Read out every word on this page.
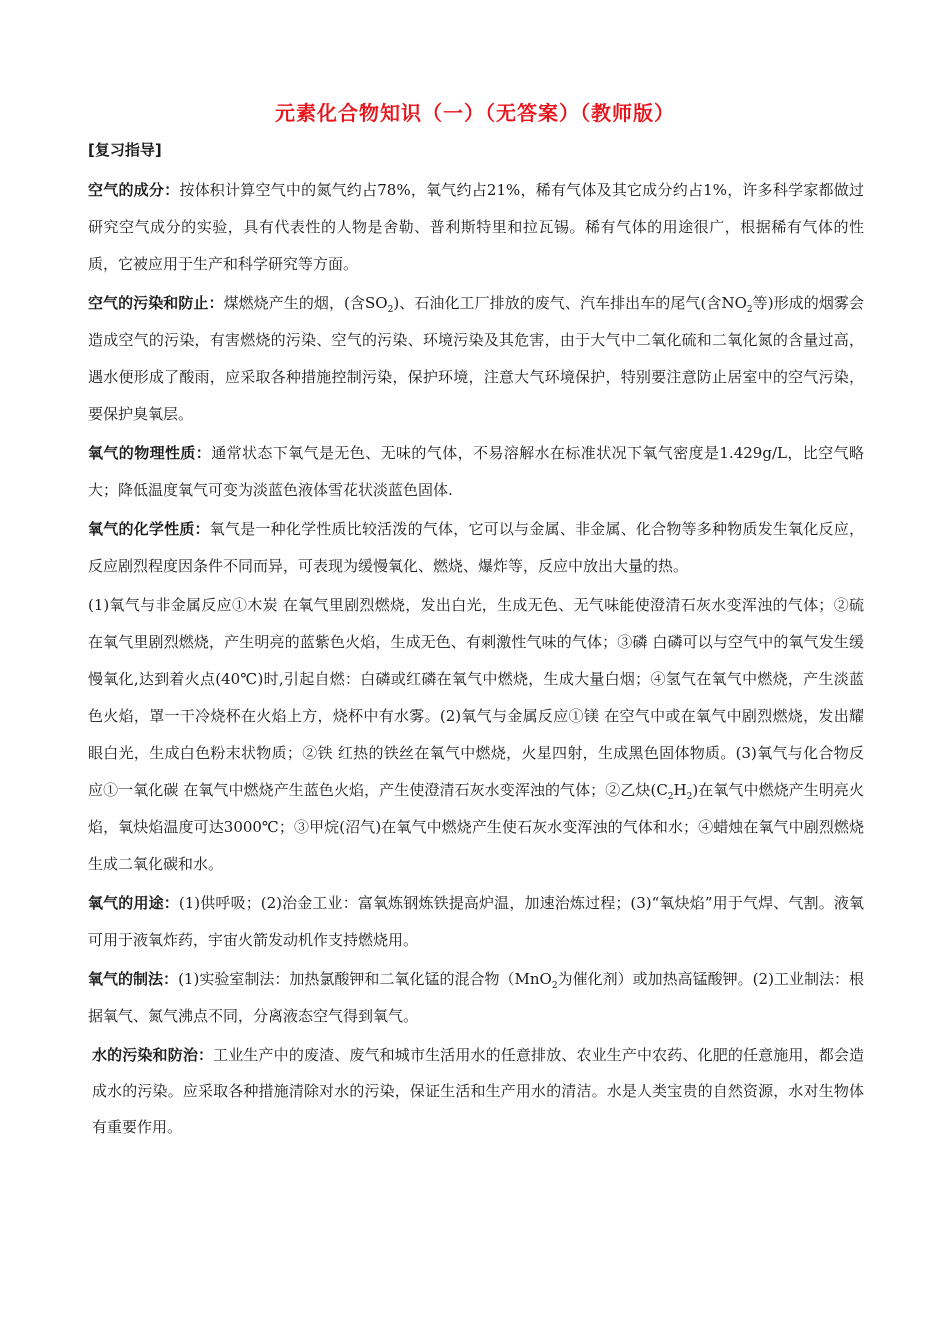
元素化合物知识（一）（无答案）（教师版）
[复习指导]

空气的成分：按体积计算空气中的氮气约占78%，氧气约占21%，稀有气体及其它成分约占1%，许多科学家都做过研究空气成分的实验，具有代表性的人物是舍勒、普利斯特里和拉瓦锡。稀有气体的用途很广，根据稀有气体的性质，它被应用于生产和科学研究等方面。

空气的污染和防止：煤燃烧产生的烟，(含$SO_2$)、石油化工厂排放的废气、汽车排出车的尾气(含$NO_2$等)形成的烟雾会造成空气的污染，有害燃烧的污染、空气的污染、环境污染及其危害，由于大气中二氧化硫和二氧化氮的含量过高，遇水便形成了酸雨，应采取各种措施控制污染，保护环境，注意大气环境保护，特别要注意防止居室中的空气污染，要保护臭氧层。

氧气的物理性质：通常状态下氧气是无色、无味的气体，不易溶解水在标准状况下氧气密度是1.429g/L，比空气略大；降低温度氧气可变为淡蓝色液体雪花状淡蓝色固体.

氧气的化学性质：氧气是一种化学性质比较活泼的气体，它可以与金属、非金属、化合物等多种物质发生氧化反应，反应剧烈程度因条件不同而异，可表现为缓慢氧化、燃烧、爆炸等，反应中放出大量的热。

(1)氧气与非金属反应①木炭 在氧气里剧烈燃烧，发出白光，生成无色、无气味能使澄清石灰水变浑浊的气体；②硫 在氧气里剧烈燃烧，产生明亮的蓝紫色火焰，生成无色、有刺激性气味的气体；③磷 白磷可以与空气中的氧气发生缓慢氧化,达到着火点(40℃)时,引起自燃：白磷或红磷在氧气中燃烧，生成大量白烟；④氢气在氧气中燃烧，产生淡蓝色火焰，罩一干冷烧杯在火焰上方，烧杯中有水雾。(2)氧气与金属反应①镁 在空气中或在氧气中剧烈燃烧，发出耀眼白光，生成白色粉末状物质；②铁 红热的铁丝在氧气中燃烧，火星四射，生成黑色固体物质。(3)氧气与化合物反应①一氧化碳 在氧气中燃烧产生蓝色火焰，产生使澄清石灰水变浑浊的气体；②乙炔$(C_2H_2)$在氧气中燃烧产生明亮火焰，氧炔焰温度可达3000℃；③甲烷(沼气)在氧气中燃烧产生使石灰水变浑浊的气体和水；④蜡烛在氧气中剧烈燃烧生成二氧化碳和水。

氧气的用途：(1)供呼吸；(2)治金工业：富氧炼钢炼铁提高炉温，加速治炼过程；(3)“氧炔焰”用于气焊、气割。液氧可用于液氧炸药，宇宙火箭发动机作支持燃烧用。

氧气的制法：(1)实验室制法：加热氯酸钾和二氧化锰的混合物（MnO$_2$为催化剂）或加热高锰酸钾。(2)工业制法：根据氧气、氮气沸点不同，分离液态空气得到氧气。

水的污染和防治：工业生产中的废渣、废气和城市生活用水的任意排放、农业生产中农药、化肥的任意施用，都会造成水的污染。应采取各种措施清除对水的污染，保证生活和生产用水的清洁。水是人类宝贵的自然资源，水对生物体有重要作用。
